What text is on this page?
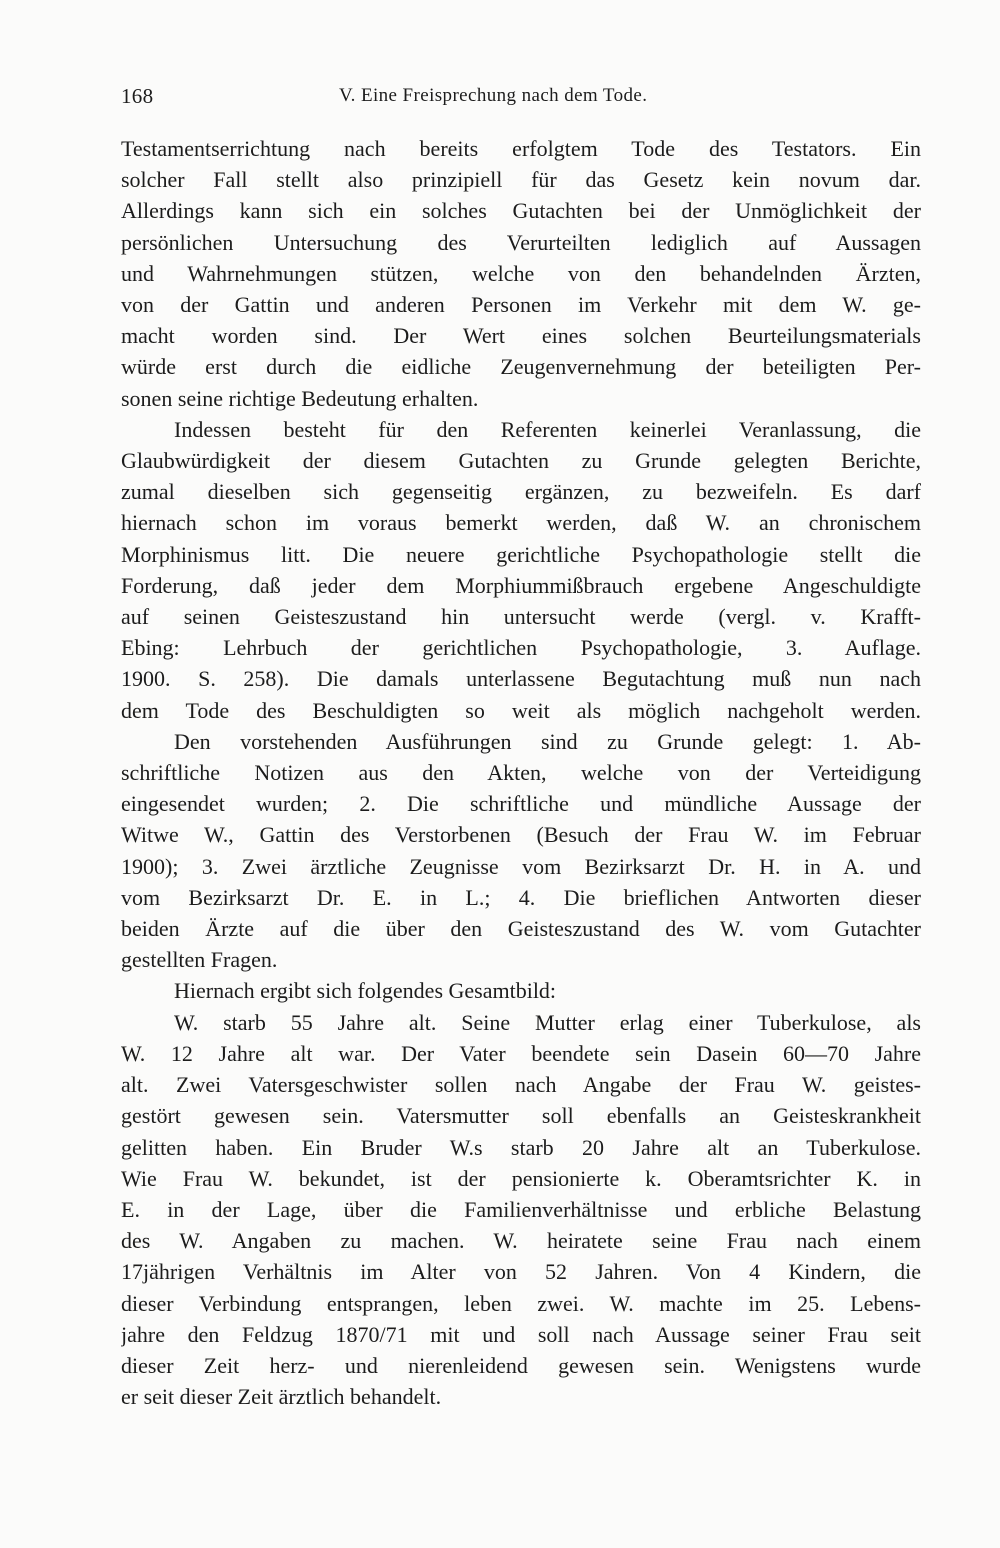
168	V. Eine Freisprechung nach dem Tode.
Testamentserrichtung nach bereits erfolgtem Tode des Testators. Ein
solcher Fall stellt also prinzipiell für das Gesetz kein novum dar.
Allerdings kann sich ein solches Gutachten bei der Unmöglichkeit der
persönlichen Untersuchung des Verurteilten lediglich auf Aussagen
und Wahrnehmungen stützen, welche von den behandelnden Ärzten,
von der Gattin und anderen Personen im Verkehr mit dem W. ge-
macht worden sind. Der Wert eines solchen Beurteilungsmaterials
würde erst durch die eidliche Zeugenvernehmung der beteiligten Per-
sonen seine richtige Bedeutung erhalten.
Indessen besteht für den Referenten keinerlei Veranlassung, die
Glaubwürdigkeit der diesem Gutachten zu Grunde gelegten Berichte,
zumal dieselben sich gegenseitig ergänzen, zu bezweifeln. Es darf
hiernach schon im voraus bemerkt werden, daß W. an chronischem
Morphinismus litt. Die neuere gerichtliche Psychopathologie stellt die
Forderung, daß jeder dem Morphiummißbrauch ergebene Angeschuldigte
auf seinen Geisteszustand hin untersucht werde (vergl. v. Krafft-
Ebing: Lehrbuch der gerichtlichen Psychopathologie, 3. Auflage.
1900. S. 258). Die damals unterlassene Begutachtung muß nun nach
dem Tode des Beschuldigten so weit als möglich nachgeholt werden.
Den vorstehenden Ausführungen sind zu Grunde gelegt: 1. Ab-
schriftliche Notizen aus den Akten, welche von der Verteidigung
eingesendet wurden; 2. Die schriftliche und mündliche Aussage der
Witwe W., Gattin des Verstorbenen (Besuch der Frau W. im Februar
1900); 3. Zwei ärztliche Zeugnisse vom Bezirksarzt Dr. H. in A. und
vom Bezirksarzt Dr. E. in L.; 4. Die brieflichen Antworten dieser
beiden Ärzte auf die über den Geisteszustand des W. vom Gutachter
gestellten Fragen.
Hiernach ergibt sich folgendes Gesamtbild:
W. starb 55 Jahre alt. Seine Mutter erlag einer Tuberkulose, als
W. 12 Jahre alt war. Der Vater beendete sein Dasein 60—70 Jahre
alt. Zwei Vatersgeschwister sollen nach Angabe der Frau W. geistes-
gestört gewesen sein. Vatersmutter soll ebenfalls an Geisteskrankheit
gelitten haben. Ein Bruder W.s starb 20 Jahre alt an Tuberkulose.
Wie Frau W. bekundet, ist der pensionierte k. Oberamtsrichter K. in
E. in der Lage, über die Familienverhältnisse und erbliche Belastung
des W. Angaben zu machen. W. heiratete seine Frau nach einem
17jährigen Verhältnis im Alter von 52 Jahren. Von 4 Kindern, die
dieser Verbindung entsprangen, leben zwei. W. machte im 25. Lebens-
jahre den Feldzug 1870/71 mit und soll nach Aussage seiner Frau seit
dieser Zeit herz- und nierenleidend gewesen sein. Wenigstens wurde
er seit dieser Zeit ärztlich behandelt.
